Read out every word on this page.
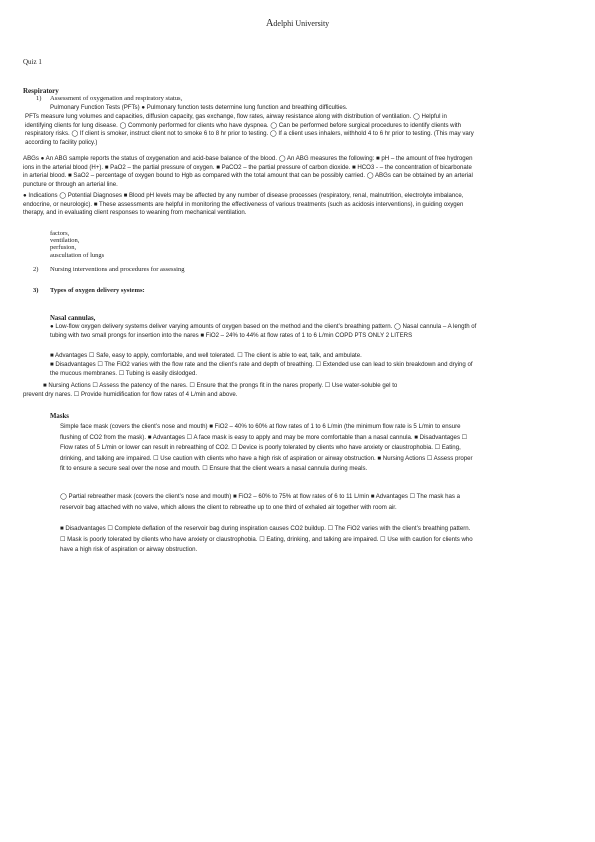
Adelphi University
Quiz 1
Respiratory
1) Assessment of oxygenation and respiratory status,
Pulmonary Function Tests (PFTs) ● Pulmonary function tests determine lung function and breathing difficulties.

PFTs measure lung volumes and capacities, diffusion capacity, gas exchange, flow rates, airway resistance along with distribution of ventilation. ◯ Helpful in identifying clients for lung disease. ◯ Commonly performed for clients who have dyspnea. ◯ Can be performed before surgical procedures to identify clients with respiratory risks. ◯ If client is smoker, instruct client not to smoke 6 to 8 hr prior to testing. ◯ If a client uses inhalers, withhold 4 to 6 hr prior to testing. (This may vary according to facility policy.)

ABGs ● An ABG sample reports the status of oxygenation and acid-base balance of the blood. ◯ An ABG measures the following: ■ pH – the amount of free hydrogen ions in the arterial blood (H+). ■ PaO2 – the partial pressure of oxygen. ■ PaCO2 – the partial pressure of carbon dioxide. ■ HCO3 - – the concentration of bicarbonate in arterial blood. ■ SaO2 – percentage of oxygen bound to Hgb as compared with the total amount that can be possibly carried. ◯ ABGs can be obtained by an arterial puncture or through an arterial line.

● Indications ◯ Potential Diagnoses ■ Blood pH levels may be affected by any number of disease processes (respiratory, renal, malnutrition, electrolyte imbalance, endocrine, or neurologic). ■ These assessments are helpful in monitoring the effectiveness of various treatments (such as acidosis interventions), in guiding oxygen therapy, and in evaluating client responses to weaning from mechanical ventilation.

factors,
ventilation,
perfusion,
auscultation of lungs
2) Nursing interventions and procedures for assessing
3) Types of oxygen delivery systems:
Nasal cannulas,

● Low-flow oxygen delivery systems deliver varying amounts of oxygen based on the method and the client’s breathing pattern. ◯ Nasal cannula – A length of tubing with two small prongs for insertion into the nares ■ FiO2 – 24% to 44% at flow rates of 1 to 6 L/min COPD PTS ONLY 2 LITERS

■ Advantages ☐ Safe, easy to apply, comfortable, and well tolerated. ☐ The client is able to eat, talk, and ambulate.

■ Disadvantages ☐ The FiO2 varies with the flow rate and the client’s rate and depth of breathing. ☐ Extended use can lead to skin breakdown and drying of the mucous membranes. ☐ Tubing is easily dislodged.

■ Nursing Actions ☐ Assess the patency of the nares. ☐ Ensure that the prongs fit in the nares properly. ☐ Use water-soluble gel to
prevent dry nares. ☐ Provide humidification for flow rates of 4 L/min and above.
Masks

Simple face mask (covers the client’s nose and mouth) ■ FiO2 – 40% to 60% at flow rates of 1 to 6 L/min (the minimum flow rate is 5 L/min to ensure flushing of CO2 from the mask). ■ Advantages ☐ A face mask is easy to apply and may be more comfortable than a nasal cannula. ■ Disadvantages ☐ Flow rates of 5 L/min or lower can result in rebreathing of CO2. ☐ Device is poorly tolerated by clients who have anxiety or claustrophobia. ☐ Eating, drinking, and talking are impaired. ☐ Use caution with clients who have a high risk of aspiration or airway obstruction. ■ Nursing Actions ☐ Assess proper fit to ensure a secure seal over the nose and mouth. ☐ Ensure that the client wears a nasal cannula during meals.

◯ Partial rebreather mask (covers the client’s nose and mouth) ■ FiO2 – 60% to 75% at flow rates of 6 to 11 L/min ■ Advantages ☐ The mask has a reservoir bag attached with no valve, which allows the client to rebreathe up to one third of exhaled air together with room air.

■ Disadvantages ☐ Complete deflation of the reservoir bag during inspiration causes CO2 buildup. ☐ The FiO2 varies with the client’s breathing pattern. ☐ Mask is poorly tolerated by clients who have anxiety or claustrophobia. ☐ Eating, drinking, and talking are impaired. ☐ Use with caution for clients who have a high risk of aspiration or airway obstruction.
